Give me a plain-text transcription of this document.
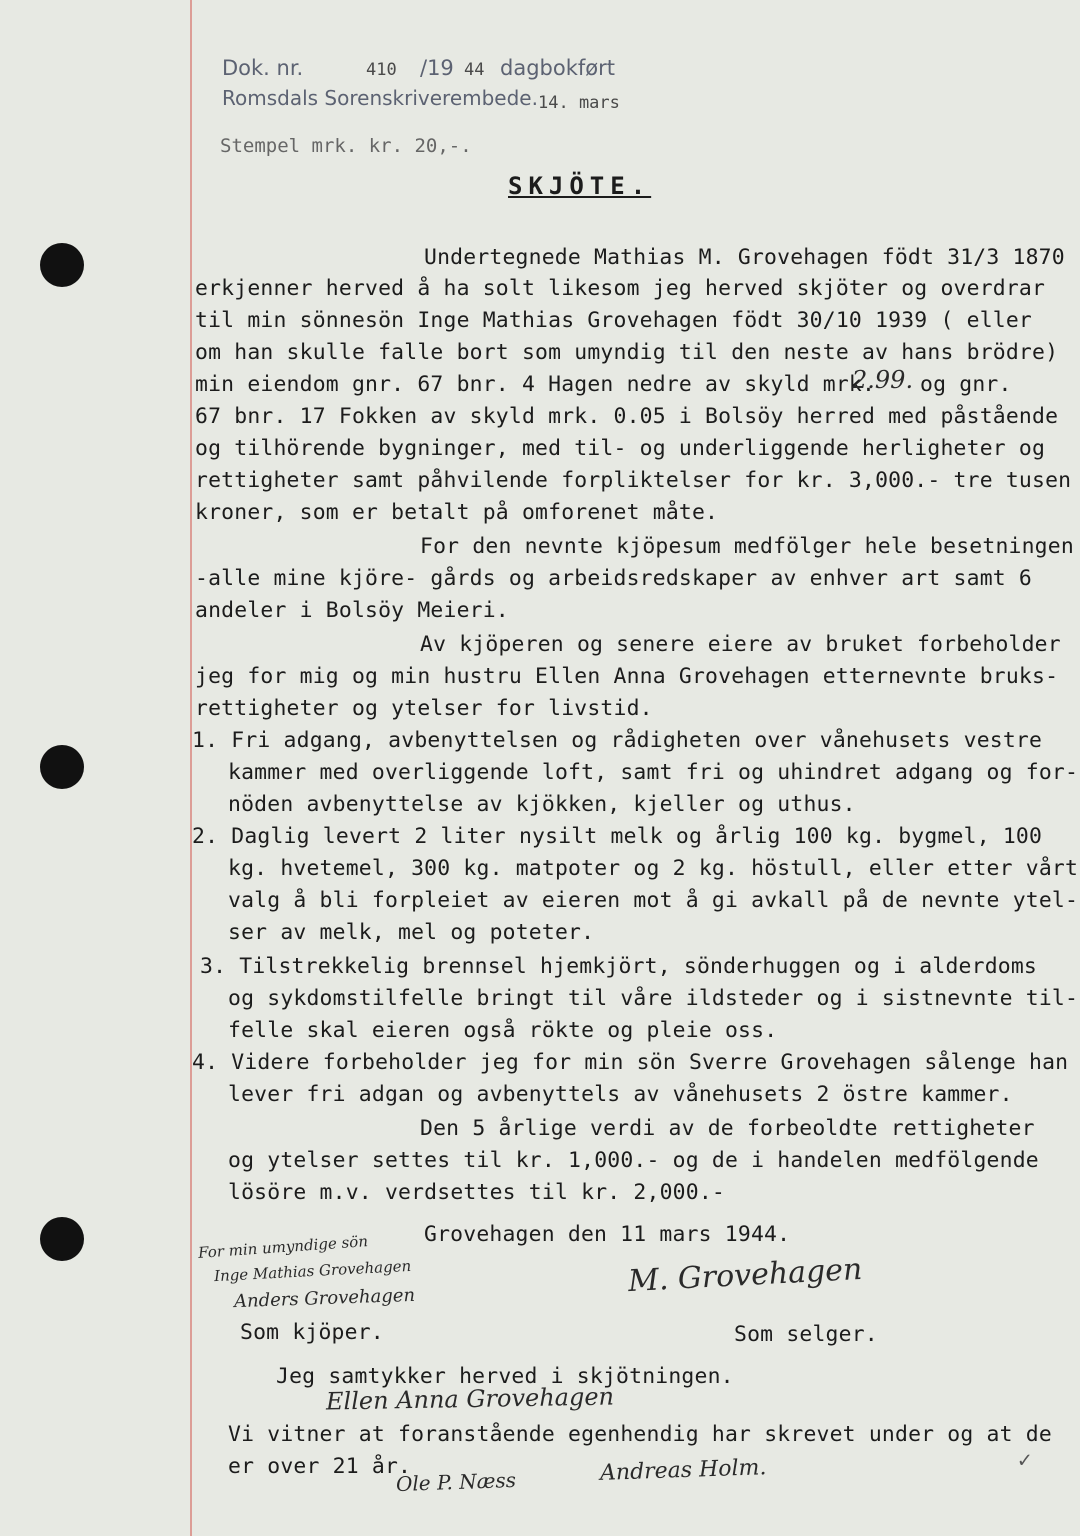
Dok. nr.	410 /19 44 dagbokført
Romsdals Sorenskriverembede. 14. mars
Stempel mrk. kr. 20,-.
SKJÖTE.
Undertegnede Mathias M. Grovehagen födt 31/3 1870
erkjenner herved å ha solt likesom jeg herved skjöter og overdrar
til min sönnesön Inge Mathias Grovehagen födt 30/10 1939 ( eller
om han skulle falle bort som umyndig til den neste av hans brödre)
min eiendom gnr. 67 bnr. 4 Hagen nedre av skyld mrk.
2.99. og gnr.
67 bnr. 17 Fokken av skyld mrk. 0.05 i Bolsöy herred med påstående
og tilhörende bygninger, med til- og underliggende herligheter og
rettigheter samt påhvilende forpliktelser for kr. 3,000.- tre tusen
kroner, som er betalt på omforenet måte.
For den nevnte kjöpesum medfölger hele besetningen
-alle mine kjöre- gårds og arbeidsredskaper av enhver art samt 6
andeler i Bolsöy Meieri.
Av kjöperen og senere eiere av bruket forbeholder
jeg for mig og min hustru Ellen Anna Grovehagen etternevnte bruks-
rettigheter og ytelser for livstid.
1. Fri adgang, avbenyttelsen og rådigheten over vånehusets vestre
kammer med overliggende loft, samt fri og uhindret adgang og for-
nöden avbenyttelse av kjökken, kjeller og uthus.
2. Daglig levert 2 liter nysilt melk og årlig 100 kg. bygmel, 100
kg. hvetemel, 300 kg. matpoter og 2 kg. höstull, eller etter vårt
valg å bli forpleiet av eieren mot å gi avkall på de nevnte ytel-
ser av melk, mel og poteter.
3. Tilstrekkelig brennsel hjemkjört, sönderhuggen og i alderdoms
og sykdomstilfelle bringt til våre ildsteder og i sistnevnte til-
felle skal eieren også rökte og pleie oss.
4. Videre forbeholder jeg for min sön Sverre Grovehagen sålenge han
lever fri adgan og avbenyttels av vånehusets 2 östre kammer.
Den 5 årlige verdi av de forbeoldte rettigheter
og ytelser settes til kr. 1,000.- og de i handelen medfölgende
lösöre m.v. verdsettes til kr. 2,000.-
Grovehagen den 11 mars 1944.
For min umyndige sön
Inge Mathias Grovehagen
Anders Grovehagen	M. Grovehagen
Som kjöper.	Som selger.
Jeg samtykker herved i skjötningen.
Ellen Anna Grovehagen
Vi vitner at foranstående egenhendig har skrevet under og at de
er over 21 år.
Ole P. Næss	Andreas Holm.	✓
